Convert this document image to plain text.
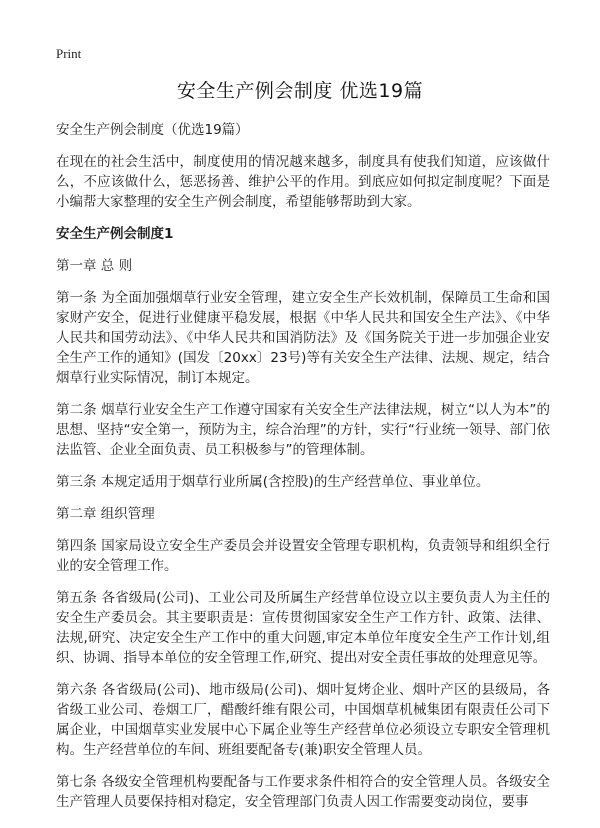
Print
安全生产例会制度 优选19篇

安全生产例会制度（优选19篇）

在现在的社会生活中，制度使用的情况越来越多，制度具有使我们知道，应该做什么，不应该做什么，惩恶扬善、维护公平的作用。到底应如何拟定制度呢？下面是小编帮大家整理的安全生产例会制度，希望能够帮助到大家。

安全生产例会制度1

第一章 总 则

第一条 为全面加强烟草行业安全管理，建立安全生产长效机制，保障员工生命和国家财产安全，促进行业健康平稳发展，根据《中华人民共和国安全生产法》、《中华人民共和国劳动法》、《中华人民共和国消防法》及《国务院关于进一步加强企业安全生产工作的通知》(国发〔20xx〕23号)等有关安全生产法律、法规、规定，结合烟草行业实际情况，制订本规定。

第二条 烟草行业安全生产工作遵守国家有关安全生产法律法规，树立“以人为本”的思想、坚持“安全第一，预防为主，综合治理”的方针，实行“行业统一领导、部门依法监管、企业全面负责、员工积极参与”的管理体制。

第三条 本规定适用于烟草行业所属(含控股)的生产经营单位、事业单位。

第二章 组织管理

第四条 国家局设立安全生产委员会并设置安全管理专职机构，负责领导和组织全行业的安全管理工作。

第五条 各省级局(公司)、工业公司及所属生产经营单位设立以主要负责人为主任的安全生产委员会。其主要职责是：宣传贯彻国家安全生产工作方针、政策、法律、法规,研究、决定安全生产工作中的重大问题,审定本单位年度安全生产工作计划,组织、协调、指导本单位的安全管理工作,研究、提出对安全责任事故的处理意见等。

第六条 各省级局(公司)、地市级局(公司)、烟叶复烤企业、烟叶产区的县级局，各省级工业公司、卷烟工厂，醋酸纤维有限公司，中国烟草机械集团有限责任公司下属企业，中国烟草实业发展中心下属企业等生产经营单位必须设立专职安全管理机构。生产经营单位的车间、班组要配备专(兼)职安全管理人员。

第七条 各级安全管理机构要配备与工作要求条件相符合的安全管理人员。各级安全生产管理人员要保持相对稳定，安全管理部门负责人因工作需要变动岗位，要事
